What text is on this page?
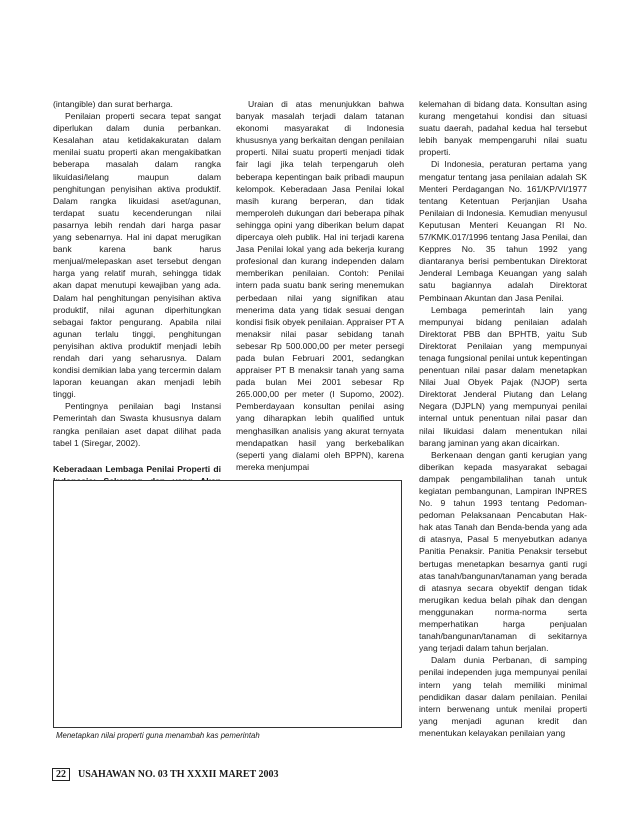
(intangible) dan surat berharga.

Penilaian properti secara tepat sangat diperlukan dalam dunia perbankan. Kesalahan atau ketidakakuratan dalam menilai suatu properti akan mengakibatkan beberapa masalah dalam rangka likuidasi/lelang maupun dalam penghitungan penyisihan aktiva produktif. Dalam rangka likuidasi aset/agunan, terdapat suatu kecenderungan nilai pasarnya lebih rendah dari harga pasar yang sebenarnya. Hal ini dapat merugikan bank karena bank harus menjual/melepaskan aset tersebut dengan harga yang relatif murah, sehingga tidak akan dapat menutupi kewajiban yang ada. Dalam hal penghitungan penyisihan aktiva produktif, nilai agunan diperhitungkan sebagai faktor pengurang. Apabila nilai agunan terlalu tinggi, penghitungan penyisihan aktiva produktif menjadi lebih rendah dari yang seharusnya. Dalam kondisi demikian laba yang tercermin dalam laporan keuangan akan menjadi lebih tinggi.

Pentingnya penilaian bagi Instansi Pemerintah dan Swasta khususnya dalam rangka penilaian aset dapat dilihat pada tabel 1 (Siregar, 2002).

Keberadaan Lembaga Penilai Properti di

Uraian di atas menunjukkan bahwa banyak masalah terjadi dalam tatanan ekonomi masyarakat di Indonesia khususnya yang berkaitan dengan penilaian properti. Nilai suatu properti menjadi tidak fair lagi jika telah terpengaruh oleh beberapa kepentingan baik pribadi maupun kelompok. Keberadaan Jasa Penilai lokal masih kurang berperan, dan tidak memperoleh dukungan dari beberapa pihak sehingga opini yang diberikan belum dapat dipercaya oleh publik. Hal ini terjadi karena Jasa Penilai lokal yang ada bekerja kurang profesional dan kurang independen dalam memberikan penilaian. Contoh: Penilai intern pada suatu bank sering menemukan perbedaan nilai yang signifikan atau menerima data yang tidak sesuai dengan kondisi fisik obyek penilaian. Appraiser PT A menaksir nilai pasar sebidang tanah sebesar Rp 500.000,00 per meter persegi pada bulan Februari 2001, sedangkan appraiser PT B menaksir tanah yang sama pada bulan Mei 2001 sebesar Rp 265.000,00 per meter (I Supomo, 2002). Pemberdayaan konsultan penilai asing yang diharapkan lebih qualified untuk menghasilkan analisis yang akurat ternyata mendapatkan hasil yang berkebalikan (seperti yang dialami oleh BPPN), karena mereka menjumpai

kelemahan di bidang data. Konsultan asing kurang mengetahui kondisi dan situasi suatu daerah, padahal kedua hal tersebut lebih banyak mempengaruhi nilai suatu properti.

Di Indonesia, peraturan pertama yang mengatur tentang jasa penilaian adalah SK Menteri Perdagangan No. 161/KP/VI/1977 tentang Ketentuan Perjanjian Usaha Penilaian di Indonesia. Kemudian menyusul Keputusan Menteri Keuangan RI No. 57/KMK.017/1996 tentang Jasa Penilai, dan Keppres No. 35 tahun 1992 yang diantaranya berisi pembentukan Direktorat Jenderal Lembaga Keuangan yang salah satu bagiannya adalah Direktorat Pembinaan Akuntan dan Jasa Penilai.

Lembaga pemerintah lain yang mempunyai bidang penilaian adalah Direktorat PBB dan BPHTB, yaitu Sub Direktorat Penilaian yang mempunyai tenaga fungsional penilai untuk kepentingan penentuan nilai pasar dalam menetapkan Nilai Jual Obyek Pajak (NJOP) serta Direktorat Jenderal Piutang dan Lelang Negara (DJPLN) yang mempunyai penilai internal untuk penentuan nilai pasar dan nilai likuidasi dalam menentukan nilai barang jaminan yang akan dicairkan.

Berkenaan dengan ganti kerugian yang diberikan kepada masyarakat sebagai dampak pengambilalihan tanah untuk kegiatan pembangunan, Lampiran INPRES No. 9 tahun 1993 tentang Pedoman-pedoman Pelaksanaan Pencabutan Hak-hak atas Tanah dan Benda-benda yang ada di atasnya, Pasal 5 menyebutkan adanya Panitia Penaksir. Panitia Penaksir tersebut bertugas menetapkan besarnya ganti rugi atas tanah/bangunan/tanaman yang berada di atasnya secara obyektif dengan tidak merugikan kedua belah pihak dan dengan menggunakan norma-norma serta memperhatikan harga penjualan tanah/bangunan/tanaman di sekitarnya yang terjadi dalam tahun berjalan.

Dalam dunia Perbanan, di samping penilai independen juga mempunyai penilai intern yang telah memiliki minimal pendidikan dasar dalam penilaian. Penilai intern berwenang untuk menilai properti yang menjadi agunan kredit dan menentukan kelayakan penilaian yang

Menetapkan nilai properti guna menambah kas pemerintah
22	USAHAWAN NO. 03 TH XXXII MARET 2003
